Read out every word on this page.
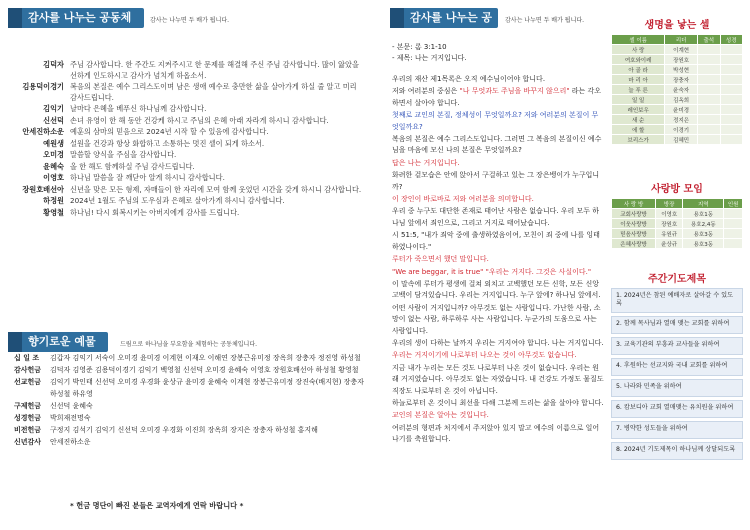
감사를 나누는 공동체	감사는 나누면 두 배가 됩니다.
김덕자 주님 감사합니다. 한 주간도 지켜주시고 한 문제를 해결해 주신 주님 감사합니다. 많이 앓았을 선하게 인도하시고 감사가 넘치게 하옵소서.
김용덕이경기 복음의 본질은 예수 그리스도이며 남은 생애 예수로 충만한 삶을 살아가게 하실 줄 알고 미리 감사드립니다.
김익기 날마다 은혜을 베푸신 하나님께 감사합니다.
신선덕 손녀 유영이 한 해 동안 건강케 하시고 주님의 은혜 아래 자라게 하시니 감사합니다.
안세진하소운 예훈의 삼마의 믿음으로 2024년 시작 할 수 있음에 감사합니다.
예원생 설원을 건강과 항상 화합하고 소통하는 멋진 셀이 되게 하소서.
오미경 말씀할 양식을 주심을 감사합니다.
윤혜숙 올 한 해도 함께하실 주님 감사드립니다.
이영호 하나님 말씀을 잘 깨닫아 알게 하시니 감사합니다.
장원호배선아 신년을 맞은 모든 형제, 자매들이 한 자리에 모여 함께 웃었던 시간을 갖게 하시니 감사합니다.
하정원 2024년 1월도 주님의 도우심과 은혜로 살아가게 하시니 감사합니다.
황영철 하나님! 다시 회복시키는 아버지에게 감사를 드립니다.
향기로운 예물	드림으로 하나님을 부요함을 체험하는 공동체입니다.
십 일 조	김갑자 김익기 서숙이 오미경 윤미경 이계현 이재오 이해연 장봉근유미정 장옥희 장충자 정진영 하성철
감사헌금	김덕자 김영준 김용덕이경기 김익기 백영철 신선덕 오미경 윤혜숙 이영호 장원호배선아 하성철 황영철
선교헌금	김익기 박인태 신선덕 오미경 우경화 윤상규 윤미경 윤혜숙 이계현 장봉근유미정 장진숙(배지현) 장충자 하성철 하유영
구제헌금	신선덕 윤혜숙
성경헌금	박희재전명숙
비전헌금	구정지 김석기 김익기 신선덕 오미경 우경화 이진희 장옥희 장지은 장충자 하성철 홍지해
신년감사	안세진하소운
* 헌금 명단이 빠진 분들은 교역자에게 연락 바랍니다 *
감사를 나누는 공동체
감사는 나누면 두 배가 됩니다.
- 본문: 롬 3:1-10
- 제목: 나는 거지입니다.
우리의 재산 제1목록은 오직 예수님이어야 합니다.
저와 여러분의 중심은 "나 무엇과도 주님을 바꾸지 않으리" 라는 각오하면서 살아야 합니다.
첫째로 교인의 본질, 정체성이 무엇일까요? 저와 여러분의 본질이 무엇일까요?
복음의 본질은 예수 그리스도입니다. 그러면 그 복음의 본질이신 예수님을 마음에 모신 나의 본질은 무엇일까요?
답은 나는 거지입니다.
화려한 겉모습은 안에 앉아서 구걸하고 있는 그 장은뱅이가 누구입니까?
이 장인이 바로바로 저와 여러분을 의미합니다.
우리 중 누구도 대단한 존재로 태어난 사람은 없습니다. 우리 모두 하나님 앞에서 죄인으로, 그리고 거지로 태어났습니다.
시 51:5, "내가 죄악 중에 출생하였음이여, 모친이 죄 중에 나를 잉태하였나이다."
루터가 죽으면서 했던 말입니다.
"We are beggar, it is true" "우리는 거지다. 그것은 사실이다."
이 말속에 루터가 평생에 걸쳐 외치고 고백했던 모든 신학, 모든 신앙고백이 담겨있습니다. 우리는 거지입니다. 누구 앞에? 하나님 앞에서.
어떤 사람이 거지입니까? 아무것도 없는 사람입니다. 가난한 사람, 소망이 없는 사람, 하루하루 사는 사람입니다. 누군가의 도움으로 사는 사람입니다.
우리의 생이 다하는 날까지 우리는 거지여야 합니다. 나는 거지입니다.
우리는 거지이기에 나로부터 나오는 것이 아무것도 없습니다.
지금 내가 누리는 모든 것도 나로부터 나온 것이 없습니다. 우리는 원래 거지였습니다. 아무것도 없는 자였습니다. 내 건강도 가정도 물질도 직장도 나로부터 온 것이 아닙니다.
하늘로부터 온 것이니 최선을 다해 그분께 드리는 삶을 살아야 합니다.
교인의 본질은 알아는 것입니다.
여러분의 형편과 처지에서 주저앉아 있지 말고 예수의 이름으로 일어나기를 축원합니다.
생명을 낳는 셀
셀 이름	리더	출석	성경
사 랑	이계현		
여호와이레	장원호		
아 골 라	박성현		
마 리 아	장충자		
늘 푸 른	윤숙자		
일 일	김옥희		
레인보우	윤미경		
새 순	정지은		
에 할	이경기		
브리스가	김혜민		
사랑방 모임
사 랑 방	방장	지역	인원
교회사랑방	이영호	용호1동	
이웃사랑방	장원호	용호2,4동	
믿음사랑방	유원규	용호3동	
은혜사랑방	윤상규	용호3동	
주간기도제목
1. 2024년은 참된 예배자로 살아갈 수 있도록
2. 함께 목사님과 열매 맺는 교회를 위하여
3. 교육기관의 부흥과 교사들을 위하여
4. 후원하는 선교지와 국내 교회를 위하여
5. 나라와 민족을 위하여
6. 캄보디아 교회 열매맺는 유치원을 위하여
7. 병약한 성도들을 위하여
8. 2024년 기도제목이 하나님께 상달되도록
